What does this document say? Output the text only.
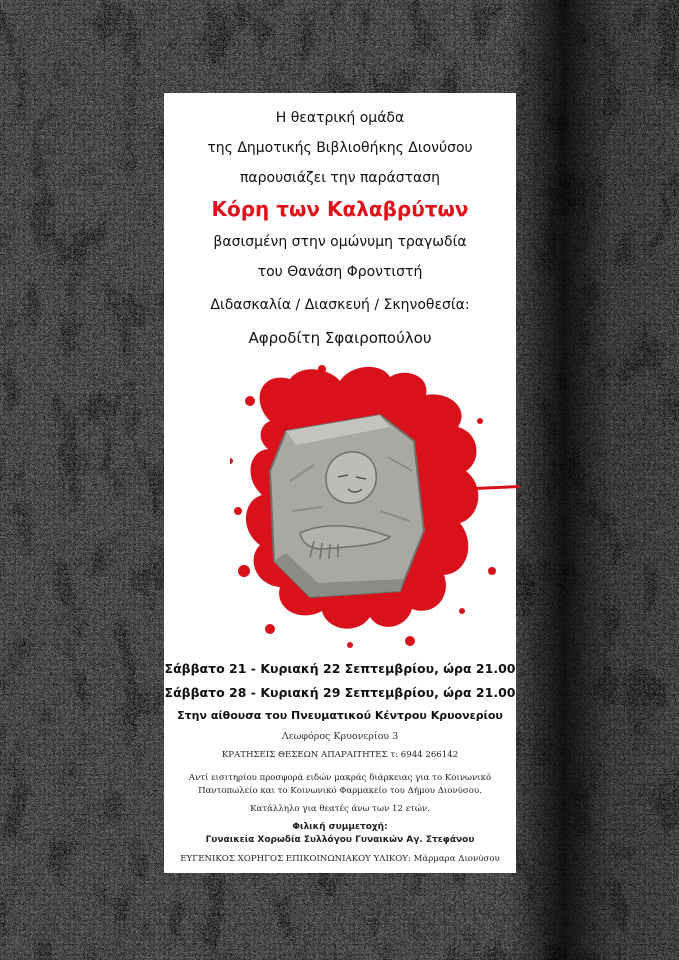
Η θεατρική ομάδα
της Δημοτικής Βιβλιοθήκης Διονύσου
παρουσιάζει την παράσταση
Κόρη των Καλαβρύτων
βασισμένη στην ομώνυμη τραγωδία
του Θανάση Φροντιστή
Διδασκαλία / Διασκευή / Σκηνοθεσία:
Αφροδίτη Σφαιροπούλου
Σάββατο 21 - Κυριακή 22 Σεπτεμβρίου, ώρα 21.00
Σάββατο 28 - Κυριακή 29 Σεπτεμβρίου, ώρα 21.00
Στην αίθουσα του Πνευματικού Κέντρου Κρυονερίου
Λεωφόρος Κρυονερίου 3
ΚΡΑΤΗΣΕΙΣ ΘΕΣΕΩΝ ΑΠΑΡΑΙΤΗΤΕΣ τ: 6944 266142
Αντί εισιτηρίου προσφορά ειδών μακράς διάρκειας για το Κοινωνικό
Παντοπωλείο και το Κοινωνικό Φαρμακείο του Δήμου Διονύσου.
Κατάλληλο για θεατές άνω των 12 ετών.
Φιλική συμμετοχή:
Γυναικεία Χορωδία Συλλόγου Γυναικών Αγ. Στεφάνου
ΕΥΓΕΝΙΚΟΣ ΧΟΡΗΓΟΣ ΕΠΙΚΟΙΝΩΝΙΑΚΟΥ ΥΛΙΚΟΥ: Μάρμαρα Διονύσου
